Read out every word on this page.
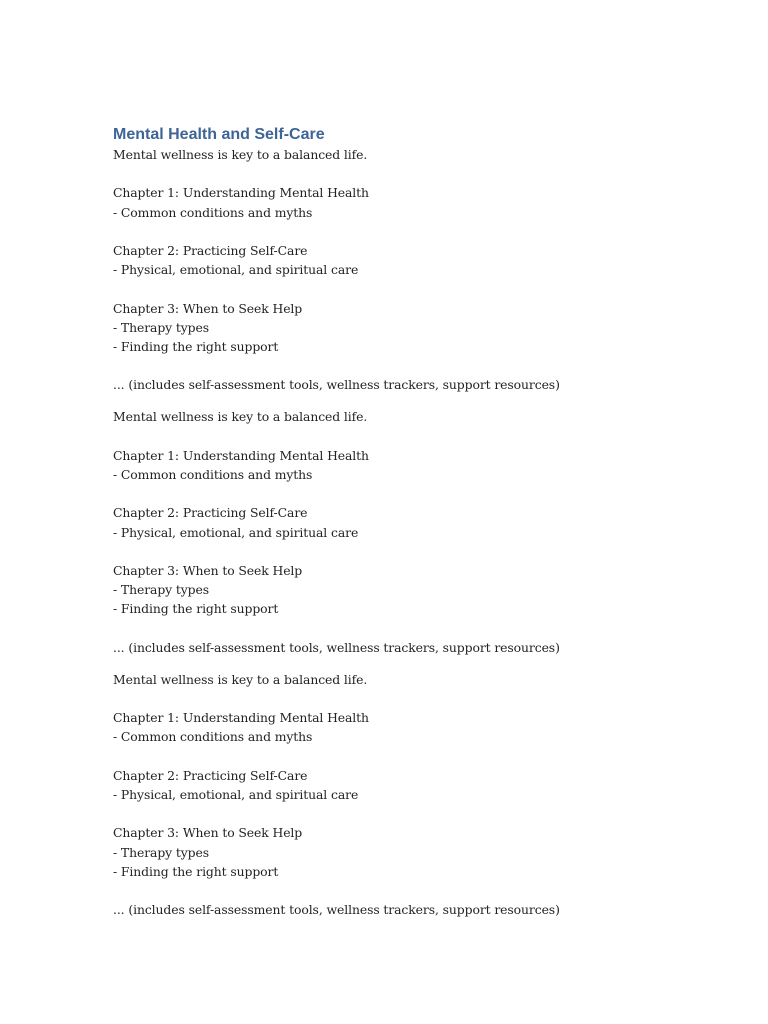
Mental Health and Self-Care
Mental wellness is key to a balanced life.
Chapter 1: Understanding Mental Health
- Common conditions and myths
Chapter 2: Practicing Self-Care
- Physical, emotional, and spiritual care
Chapter 3: When to Seek Help
- Therapy types
- Finding the right support
... (includes self-assessment tools, wellness trackers, support resources)
Mental wellness is key to a balanced life.
Chapter 1: Understanding Mental Health
- Common conditions and myths
Chapter 2: Practicing Self-Care
- Physical, emotional, and spiritual care
Chapter 3: When to Seek Help
- Therapy types
- Finding the right support
... (includes self-assessment tools, wellness trackers, support resources)
Mental wellness is key to a balanced life.
Chapter 1: Understanding Mental Health
- Common conditions and myths
Chapter 2: Practicing Self-Care
- Physical, emotional, and spiritual care
Chapter 3: When to Seek Help
- Therapy types
- Finding the right support
... (includes self-assessment tools, wellness trackers, support resources)
